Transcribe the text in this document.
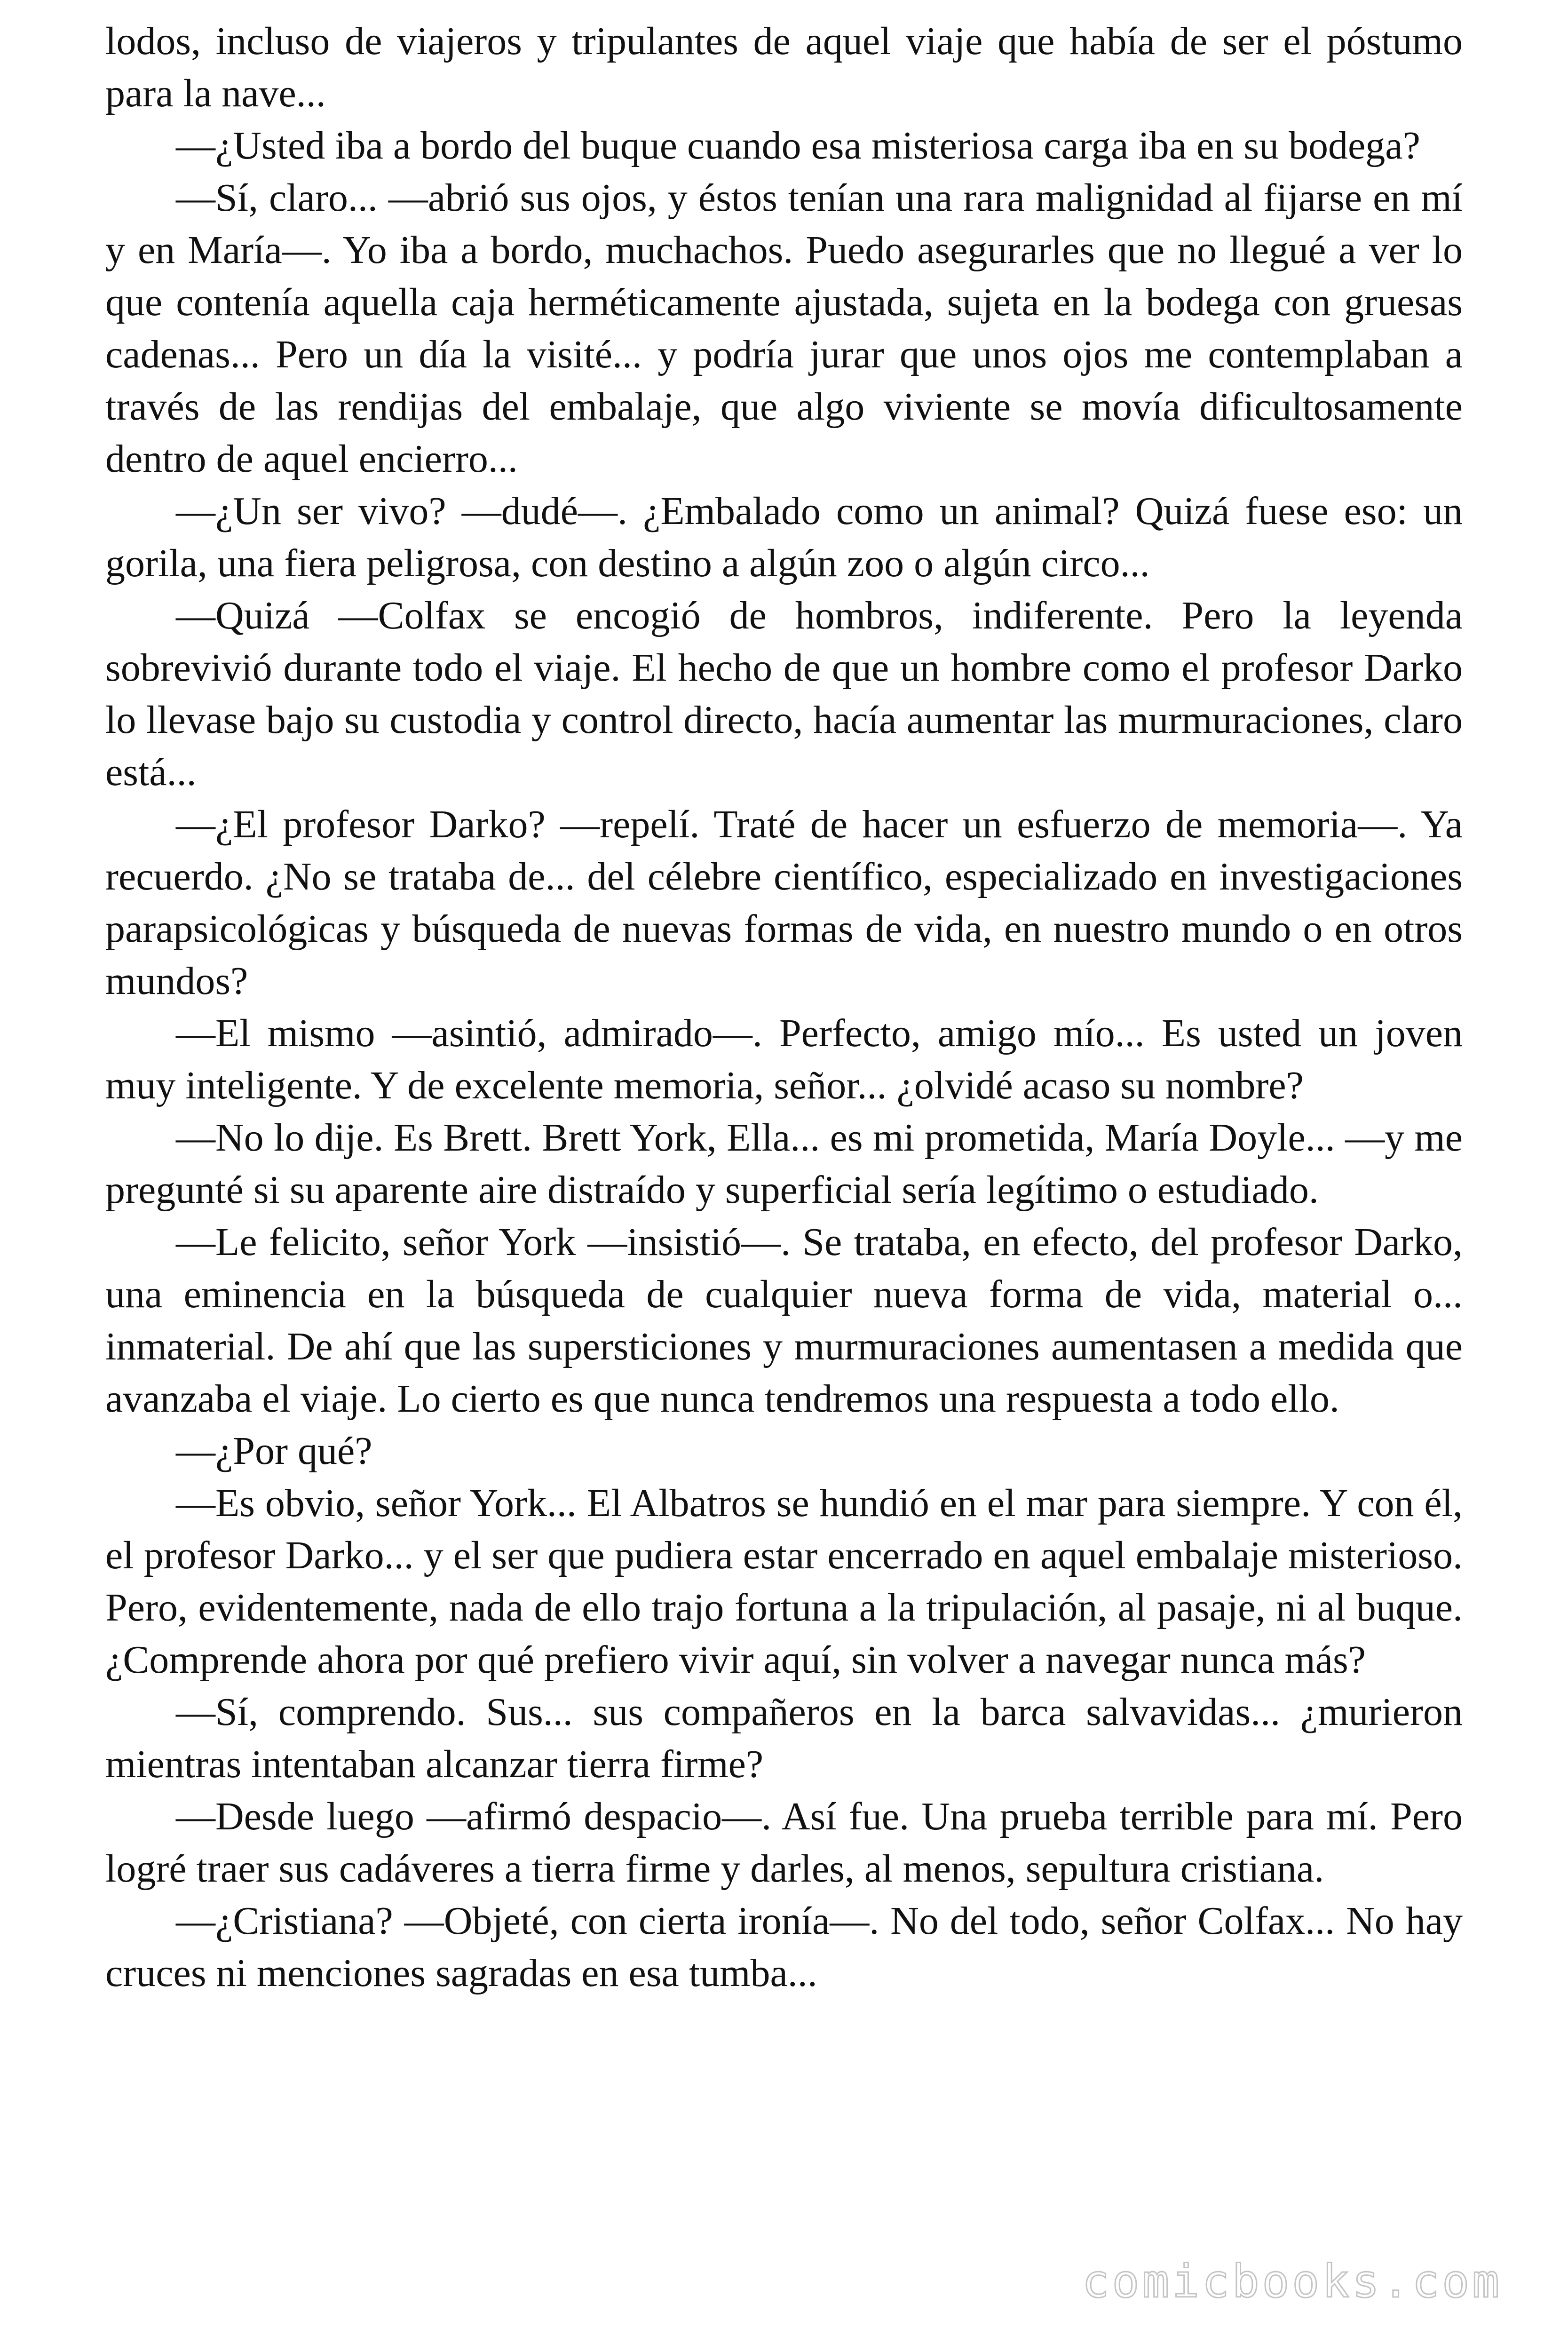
lodos, incluso de viajeros y tripulantes de aquel viaje que había de ser el póstumo para la nave...

—¿Usted iba a bordo del buque cuando esa misteriosa carga iba en su bodega?

—Sí, claro... —abrió sus ojos, y éstos tenían una rara malignidad al fijarse en mí y en María—. Yo iba a bordo, muchachos. Puedo asegurarles que no llegué a ver lo que contenía aquella caja herméticamente ajustada, sujeta en la bodega con gruesas cadenas... Pero un día la visité... y podría jurar que unos ojos me contemplaban a través de las rendijas del embalaje, que algo viviente se movía dificultosamente dentro de aquel encierro...

—¿Un ser vivo? —dudé—. ¿Embalado como un animal? Quizá fuese eso: un gorila, una fiera peligrosa, con destino a algún zoo o algún circo...

—Quizá —Colfax se encogió de hombros, indiferente. Pero la leyenda sobrevivió durante todo el viaje. El hecho de que un hombre como el profesor Darko lo llevase bajo su custodia y control directo, hacía aumentar las murmuraciones, claro está...

—¿El profesor Darko? —repelí. Traté de hacer un esfuerzo de memoria—. Ya recuerdo. ¿No se trataba de... del célebre científico, especializado en investigaciones parapsicológicas y búsqueda de nuevas formas de vida, en nuestro mundo o en otros mundos?

—El mismo —asintió, admirado—. Perfecto, amigo mío... Es usted un joven muy inteligente. Y de excelente memoria, señor... ¿olvidé acaso su nombre?

—No lo dije. Es Brett. Brett York, Ella... es mi prometida, María Doyle... —y me pregunté si su aparente aire distraído y superficial sería legítimo o estudiado.

—Le felicito, señor York —insistió—. Se trataba, en efecto, del profesor Darko, una eminencia en la búsqueda de cualquier nueva forma de vida, material o... inmaterial. De ahí que las supersticiones y murmuraciones aumentasen a medida que avanzaba el viaje. Lo cierto es que nunca tendremos una respuesta a todo ello.

—¿Por qué?

—Es obvio, señor York... El Albatros se hundió en el mar para siempre. Y con él, el profesor Darko... y el ser que pudiera estar encerrado en aquel embalaje misterioso. Pero, evidentemente, nada de ello trajo fortuna a la tripulación, al pasaje, ni al buque. ¿Comprende ahora por qué prefiero vivir aquí, sin volver a navegar nunca más?

—Sí, comprendo. Sus... sus compañeros en la barca salvavidas... ¿murieron mientras intentaban alcanzar tierra firme?

—Desde luego —afirmó despacio—. Así fue. Una prueba terrible para mí. Pero logré traer sus cadáveres a tierra firme y darles, al menos, sepultura cristiana.

—¿Cristiana? —Objeté, con cierta ironía—. No del todo, señor Colfax... No hay cruces ni menciones sagradas en esa tumba...

comicbooks.com
